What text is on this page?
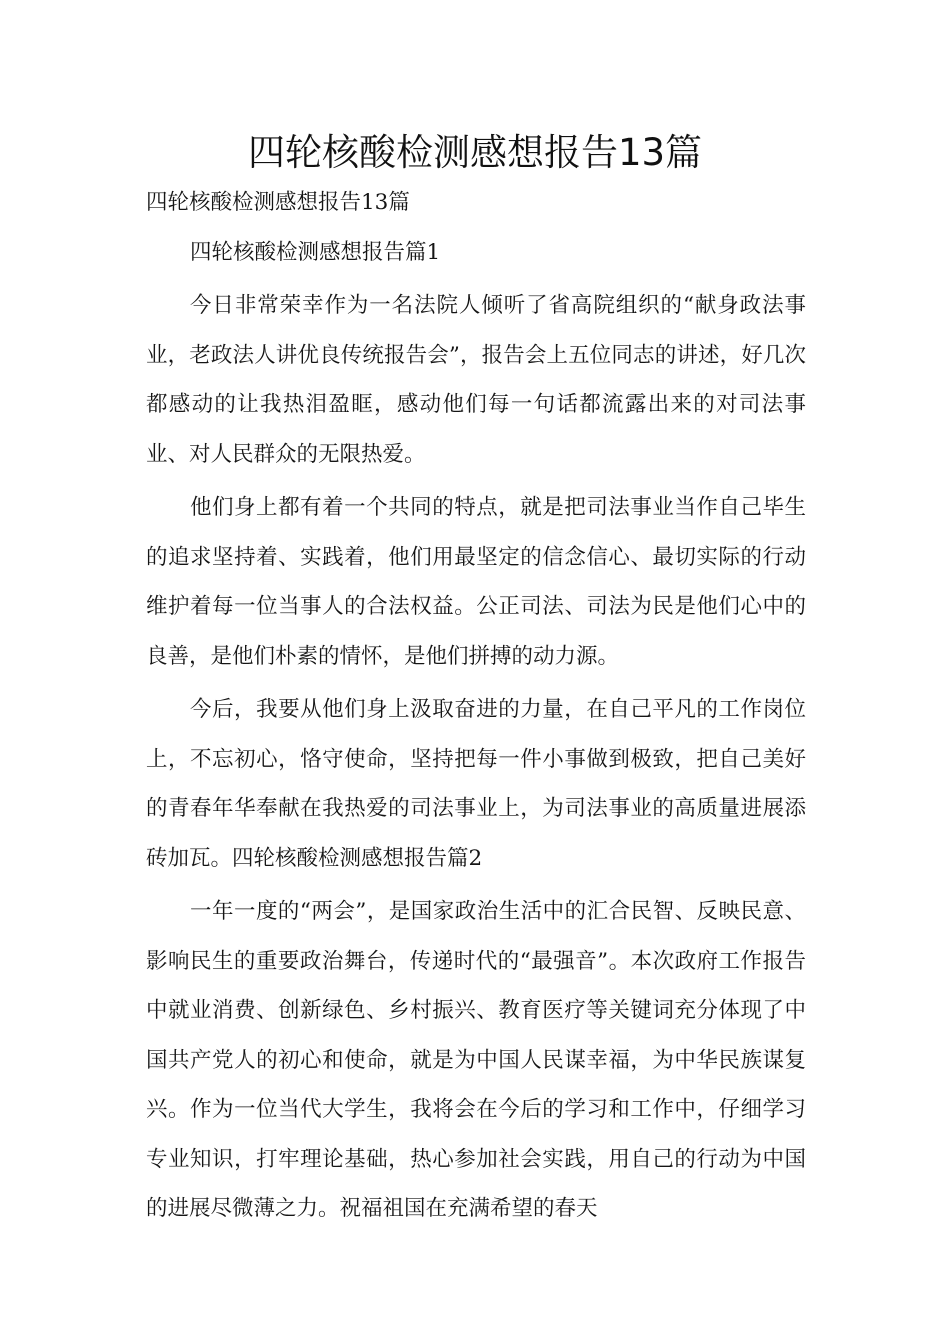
四轮核酸检测感想报告13篇

四轮核酸检测感想报告13篇

四轮核酸检测感想报告篇1

今日非常荣幸作为一名法院人倾听了省高院组织的“献身政法事业，老政法人讲优良传统报告会”，报告会上五位同志的讲述，好几次都感动的让我热泪盈眶，感动他们每一句话都流露出来的对司法事业、对人民群众的无限热爱。

他们身上都有着一个共同的特点，就是把司法事业当作自己毕生的追求坚持着、实践着，他们用最坚定的信念信心、最切实际的行动维护着每一位当事人的合法权益。公正司法、司法为民是他们心中的良善，是他们朴素的情怀，是他们拼搏的动力源。

今后，我要从他们身上汲取奋进的力量，在自己平凡的工作岗位上，不忘初心，恪守使命，坚持把每一件小事做到极致，把自己美好的青春年华奉献在我热爱的司法事业上，为司法事业的高质量进展添砖加瓦。四轮核酸检测感想报告篇2

一年一度的“两会”，是国家政治生活中的汇合民智、反映民意、影响民生的重要政治舞台，传递时代的“最强音”。本次政府工作报告中就业消费、创新绿色、乡村振兴、教育医疗等关键词充分体现了中国共产党人的初心和使命，就是为中国人民谋幸福，为中华民族谋复兴。作为一位当代大学生，我将会在今后的学习和工作中，仔细学习专业知识，打牢理论基础，热心参加社会实践，用自己的行动为中国的进展尽微薄之力。祝福祖国在充满希望的春天
